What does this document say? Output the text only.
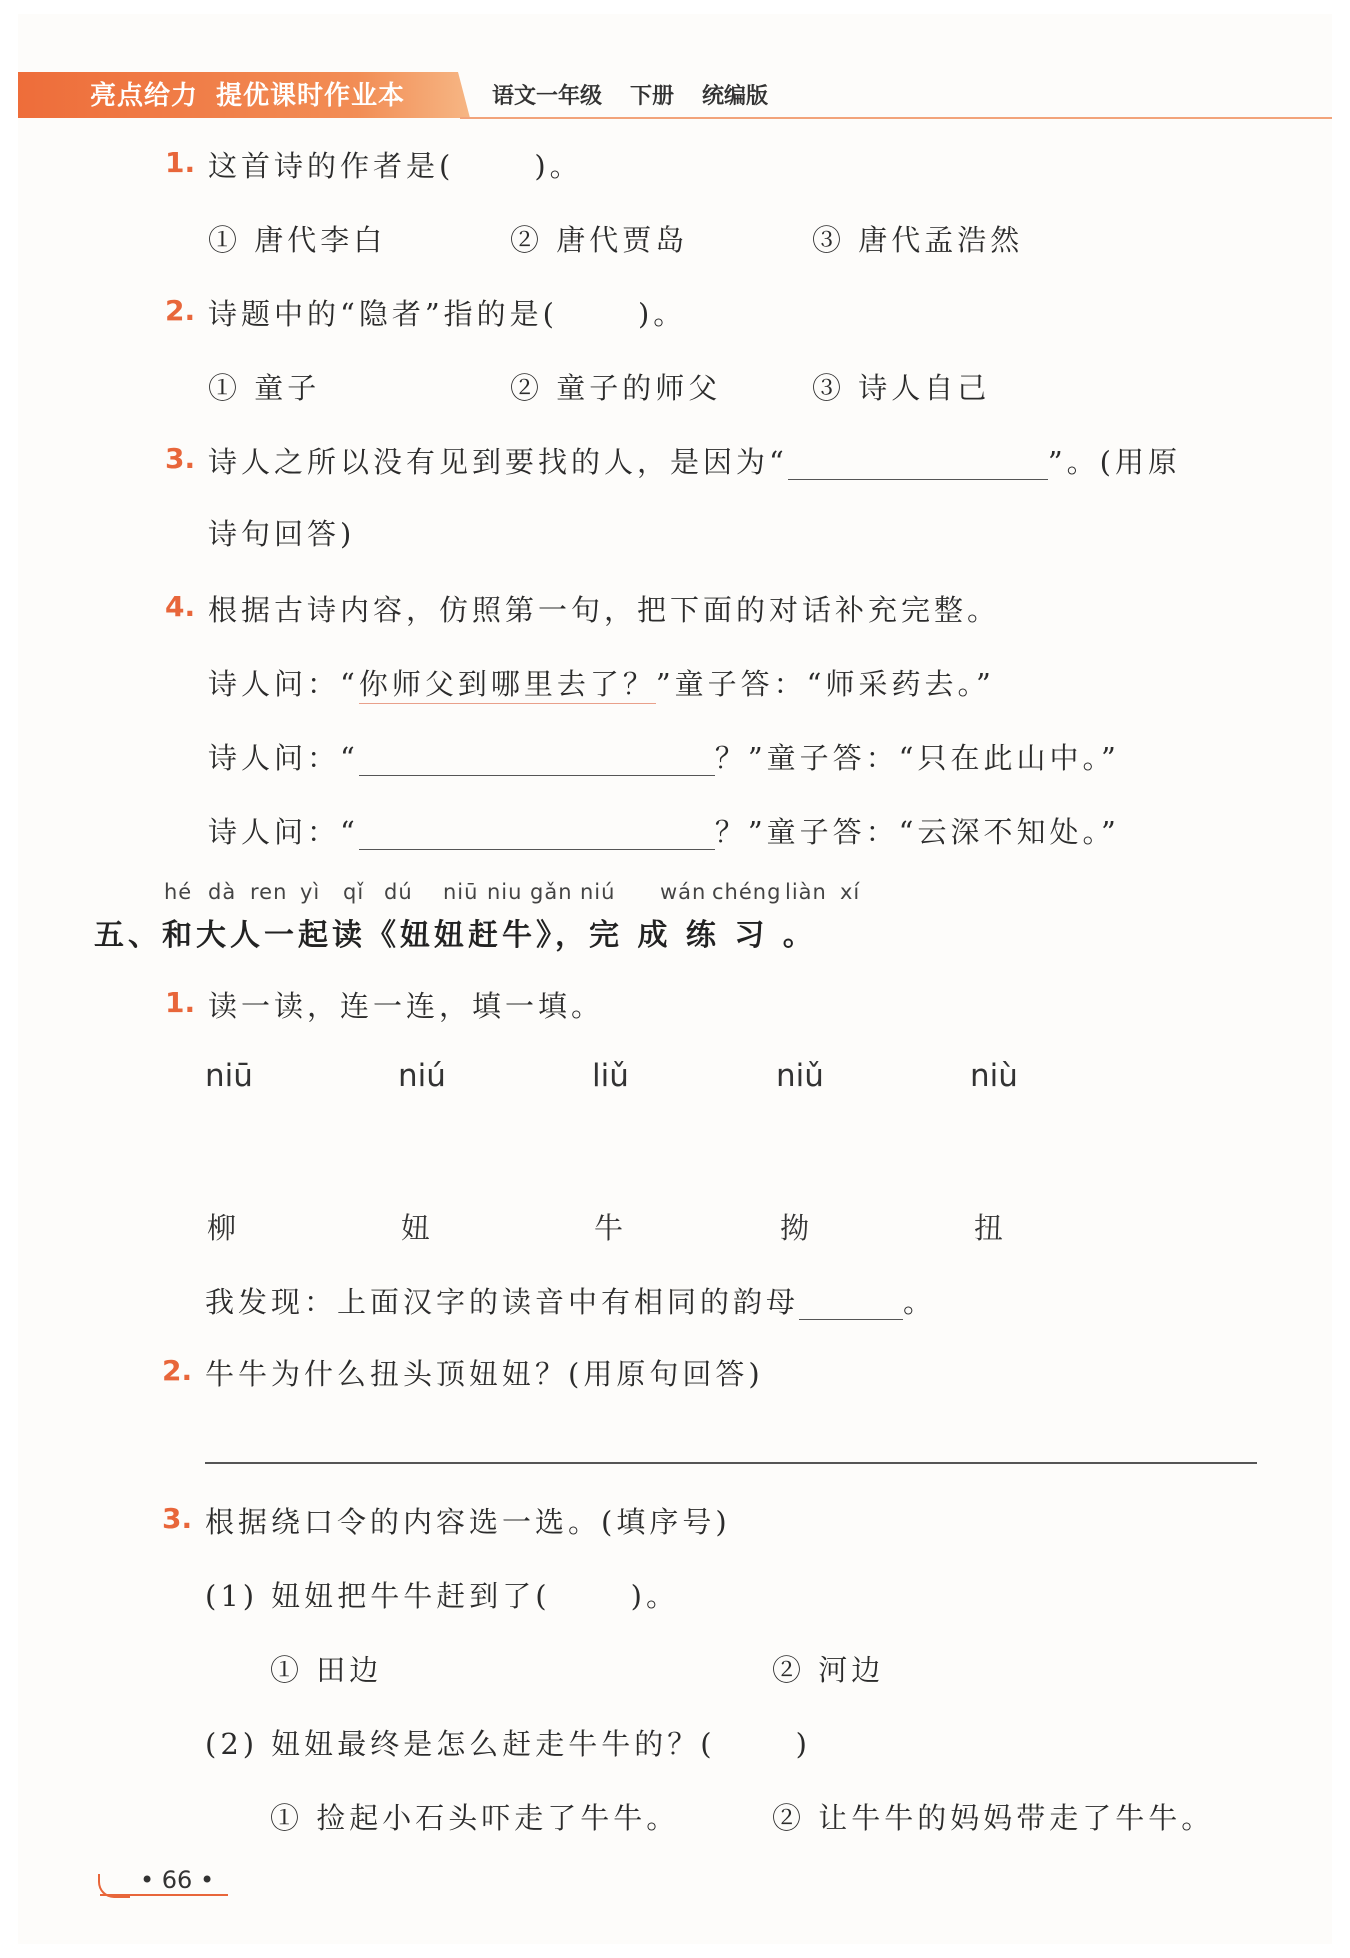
亮点给力 提优课时作业本	语文一年级 下册 统编版
1. 这首诗的作者是(	)。
① 唐代李白	② 唐代贾岛	③ 唐代孟浩然
2. 诗题中的“隐者”指的是(	)。
① 童子	② 童子的师父	③ 诗人自己
3. 诗人之所以没有见到要找的人，是因为“	”。(用原
诗句回答)
4. 根据古诗内容，仿照第一句，把下面的对话补充完整。
诗人问：“你师父到哪里去了？”童子答：“师采药去。”
诗人问：“	？”童子答：“只在此山中。”
诗人问：“	？”童子答：“云深不知处。”
hé dà ren yì qǐ dú niū niu gǎn niú wán chéng liàn xí
五、和大人一起读《妞妞赶牛》，完 成 练 习 。
1. 读一读，连一连，填一填。
niū	niú	liǔ	niǔ	niù
柳	妞	牛	拗	扭
我发现：上面汉字的读音中有相同的韵母	。
2. 牛牛为什么扭头顶妞妞？(用原句回答)
3. 根据绕口令的内容选一选。(填序号)
(1) 妞妞把牛牛赶到了(	)。
① 田边	② 河边
(2) 妞妞最终是怎么赶走牛牛的？(	)
① 捡起小石头吓走了牛牛。	② 让牛牛的妈妈带走了牛牛。
• 66 •
